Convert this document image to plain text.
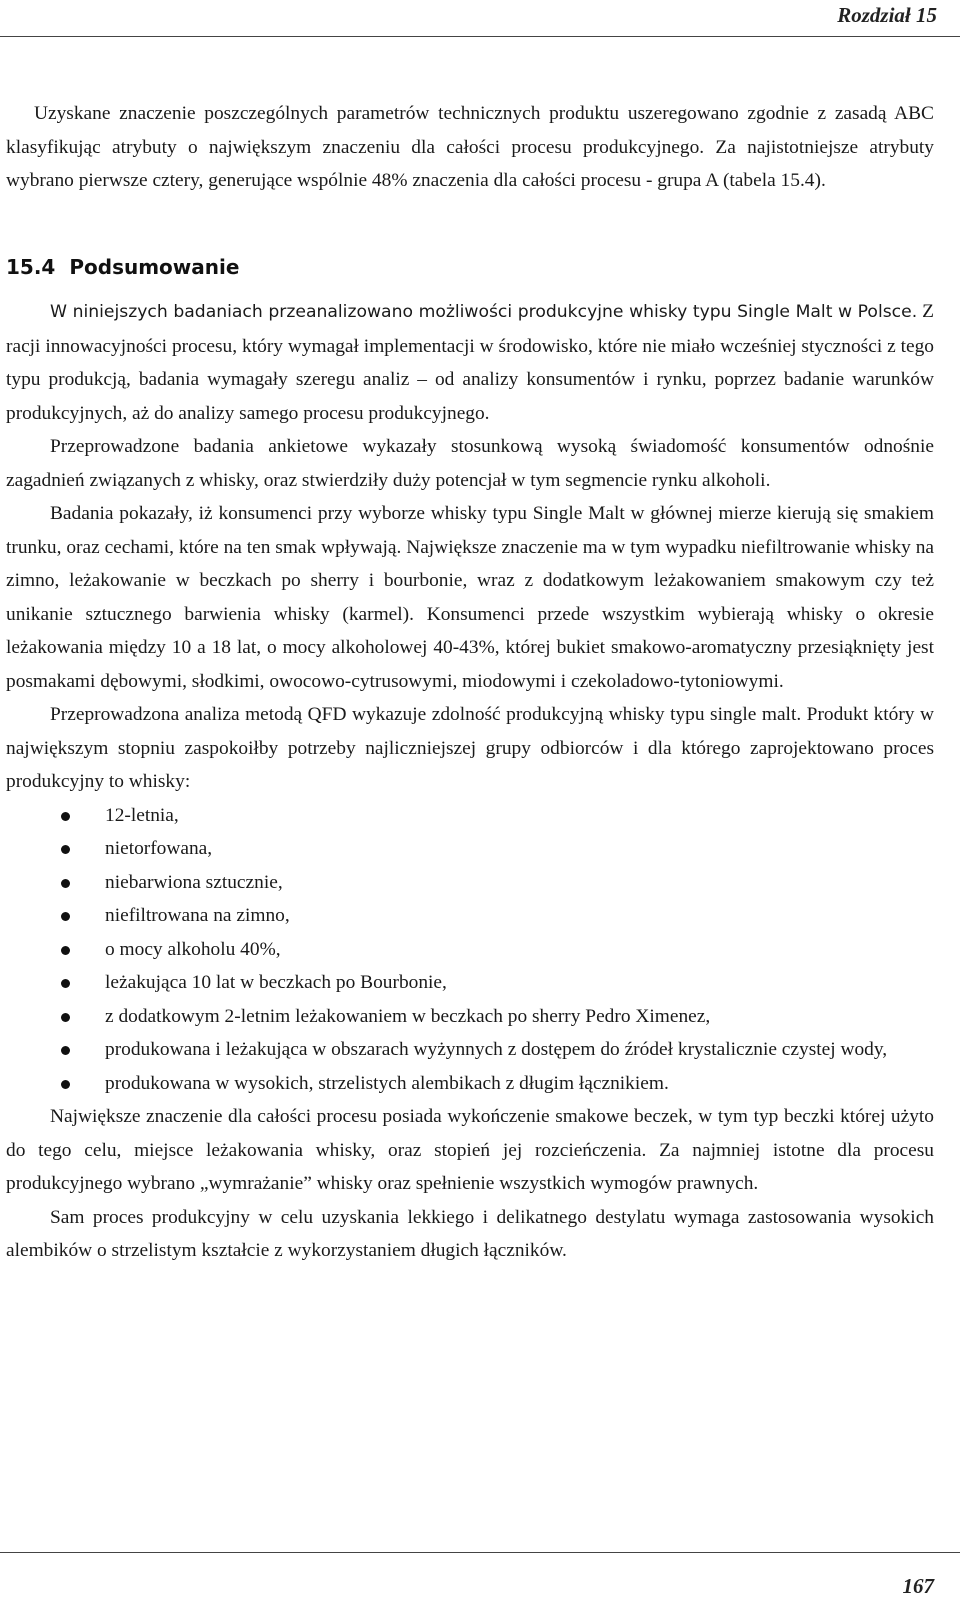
Rozdział 15

Uzyskane znaczenie poszczególnych parametrów technicznych produktu uszeregowano zgodnie z zasadą ABC klasyfikując atrybuty o największym znaczeniu dla całości procesu produkcyjnego. Za najistotniejsze atrybuty wybrano pierwsze cztery, generujące wspólnie 48% znaczenia dla całości procesu - grupa A (tabela 15.4).

15.4 Podsumowanie

W niniejszych badaniach przeanalizowano możliwości produkcyjne whisky typu Single Malt w Polsce. Z racji innowacyjności procesu, który wymagał implementacji w środowisko, które nie miało wcześniej styczności z tego typu produkcją, badania wymagały szeregu analiz – od analizy konsumentów i rynku, poprzez badanie warunków produkcyjnych, aż do analizy samego procesu produkcyjnego.

Przeprowadzone badania ankietowe wykazały stosunkową wysoką świadomość konsumentów odnośnie zagadnień związanych z whisky, oraz stwierdziły duży potencjał w tym segmencie rynku alkoholi.

Badania pokazały, iż konsumenci przy wyborze whisky typu Single Malt w głównej mierze kierują się smakiem trunku, oraz cechami, które na ten smak wpływają. Największe znaczenie ma w tym wypadku niefiltrowanie whisky na zimno, leżakowanie w beczkach po sherry i bourbonie, wraz z dodatkowym leżakowaniem smakowym czy też unikanie sztucznego barwienia whisky (karmel). Konsumenci przede wszystkim wybierają whisky o okresie leżakowania między 10 a 18 lat, o mocy alkoholowej 40-43%, której bukiet smakowo-aromatyczny przesiąknięty jest posmakami dębowymi, słodkimi, owocowo-cytrusowymi, miodowymi i czekoladowo-tytoniowymi.

Przeprowadzona analiza metodą QFD wykazuje zdolność produkcyjną whisky typu single malt. Produkt który w największym stopniu zaspokoiłby potrzeby najliczniejszej grupy odbiorców i dla którego zaprojektowano proces produkcyjny to whisky:

12-letnia,
nietorfowana,
niebarwiona sztucznie,
niefiltrowana na zimno,
o mocy alkoholu 40%,
leżakująca 10 lat w beczkach po Bourbonie,
z dodatkowym 2-letnim leżakowaniem w beczkach po sherry Pedro Ximenez,
produkowana i leżakująca w obszarach wyżynnych z dostępem do źródeł krystalicznie czystej wody,
produkowana w wysokich, strzelistych alembikach z długim łącznikiem.

Największe znaczenie dla całości procesu posiada wykończenie smakowe beczek, w tym typ beczki której użyto do tego celu, miejsce leżakowania whisky, oraz stopień jej rozcieńczenia. Za najmniej istotne dla procesu produkcyjnego wybrano „wymrażanie” whisky oraz spełnienie wszystkich wymogów prawnych.

Sam proces produkcyjny w celu uzyskania lekkiego i delikatnego destylatu wymaga zastosowania wysokich alembików o strzelistym kształcie z wykorzystaniem długich łączników.

167
